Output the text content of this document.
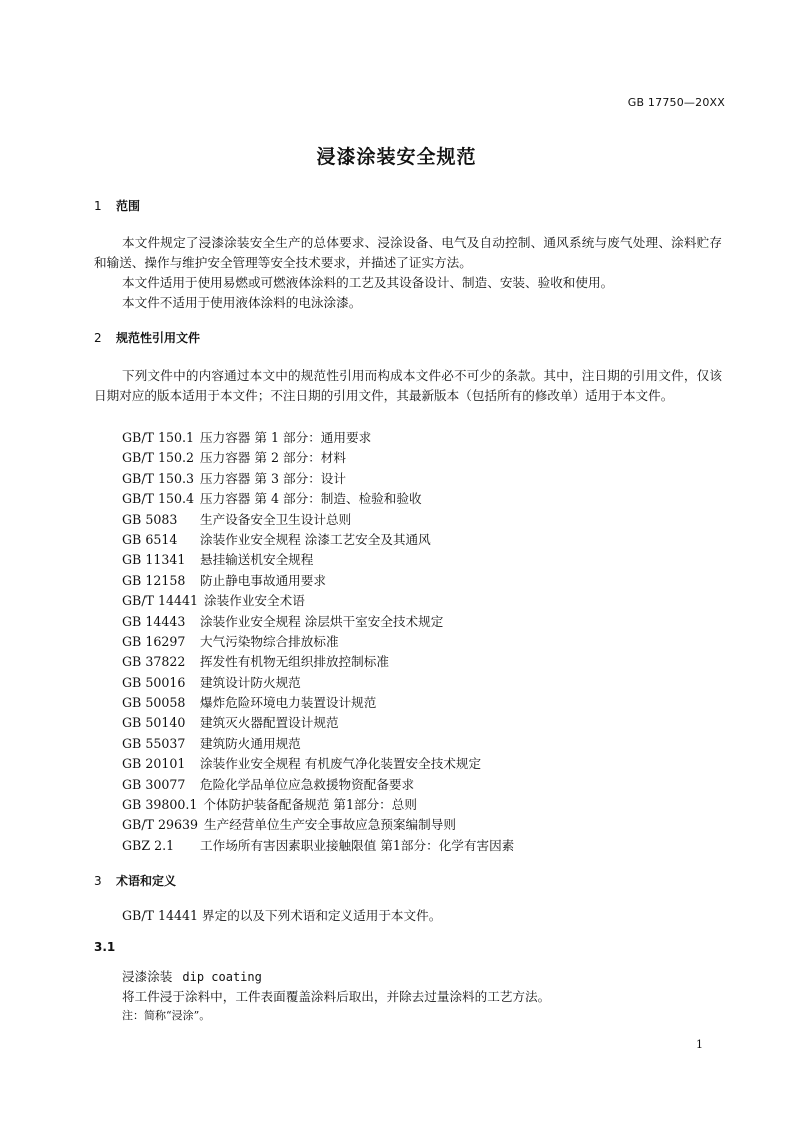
GB 17750—20XX
浸漆涂装安全规范
1 范围

本文件规定了浸漆涂装安全生产的总体要求、浸涂设备、电气及自动控制、通风系统与废气处理、涂料贮存和输送、操作与维护安全管理等安全技术要求，并描述了证实方法。

本文件适用于使用易燃或可燃液体涂料的工艺及其设备设计、制造、安装、验收和使用。

本文件不适用于使用液体涂料的电泳涂漆。

2 规范性引用文件

下列文件中的内容通过本文中的规范性引用而构成本文件必不可少的条款。其中，注日期的引用文件，仅该日期对应的版本适用于本文件；不注日期的引用文件，其最新版本（包括所有的修改单）适用于本文件。

GB/T 150.1 压力容器 第 1 部分：通用要求
GB/T 150.2 压力容器 第 2 部分：材料
GB/T 150.3 压力容器 第 3 部分：设计
GB/T 150.4 压力容器 第 4 部分：制造、检验和验收
GB 5083 生产设备安全卫生设计总则
GB 6514 涂装作业安全规程 涂漆工艺安全及其通风
GB 11341 悬挂输送机安全规程
GB 12158 防止静电事故通用要求
GB/T 14441 涂装作业安全术语
GB 14443 涂装作业安全规程 涂层烘干室安全技术规定
GB 16297 大气污染物综合排放标准
GB 37822 挥发性有机物无组织排放控制标准
GB 50016 建筑设计防火规范
GB 50058 爆炸危险环境电力装置设计规范
GB 50140 建筑灭火器配置设计规范
GB 55037 建筑防火通用规范
GB 20101 涂装作业安全规程 有机废气净化装置安全技术规定
GB 30077 危险化学品单位应急救援物资配备要求
GB 39800.1 个体防护装备配备规范 第1部分：总则
GB/T 29639 生产经营单位生产安全事故应急预案编制导则
GBZ 2.1 工作场所有害因素职业接触限值 第1部分：化学有害因素
3 术语和定义

GB/T 14441 界定的以及下列术语和定义适用于本文件。

3.1
浸漆涂装 dip coating
将工件浸于涂料中，工件表面覆盖涂料后取出，并除去过量涂料的工艺方法。
注：简称“浸涂”。
1
